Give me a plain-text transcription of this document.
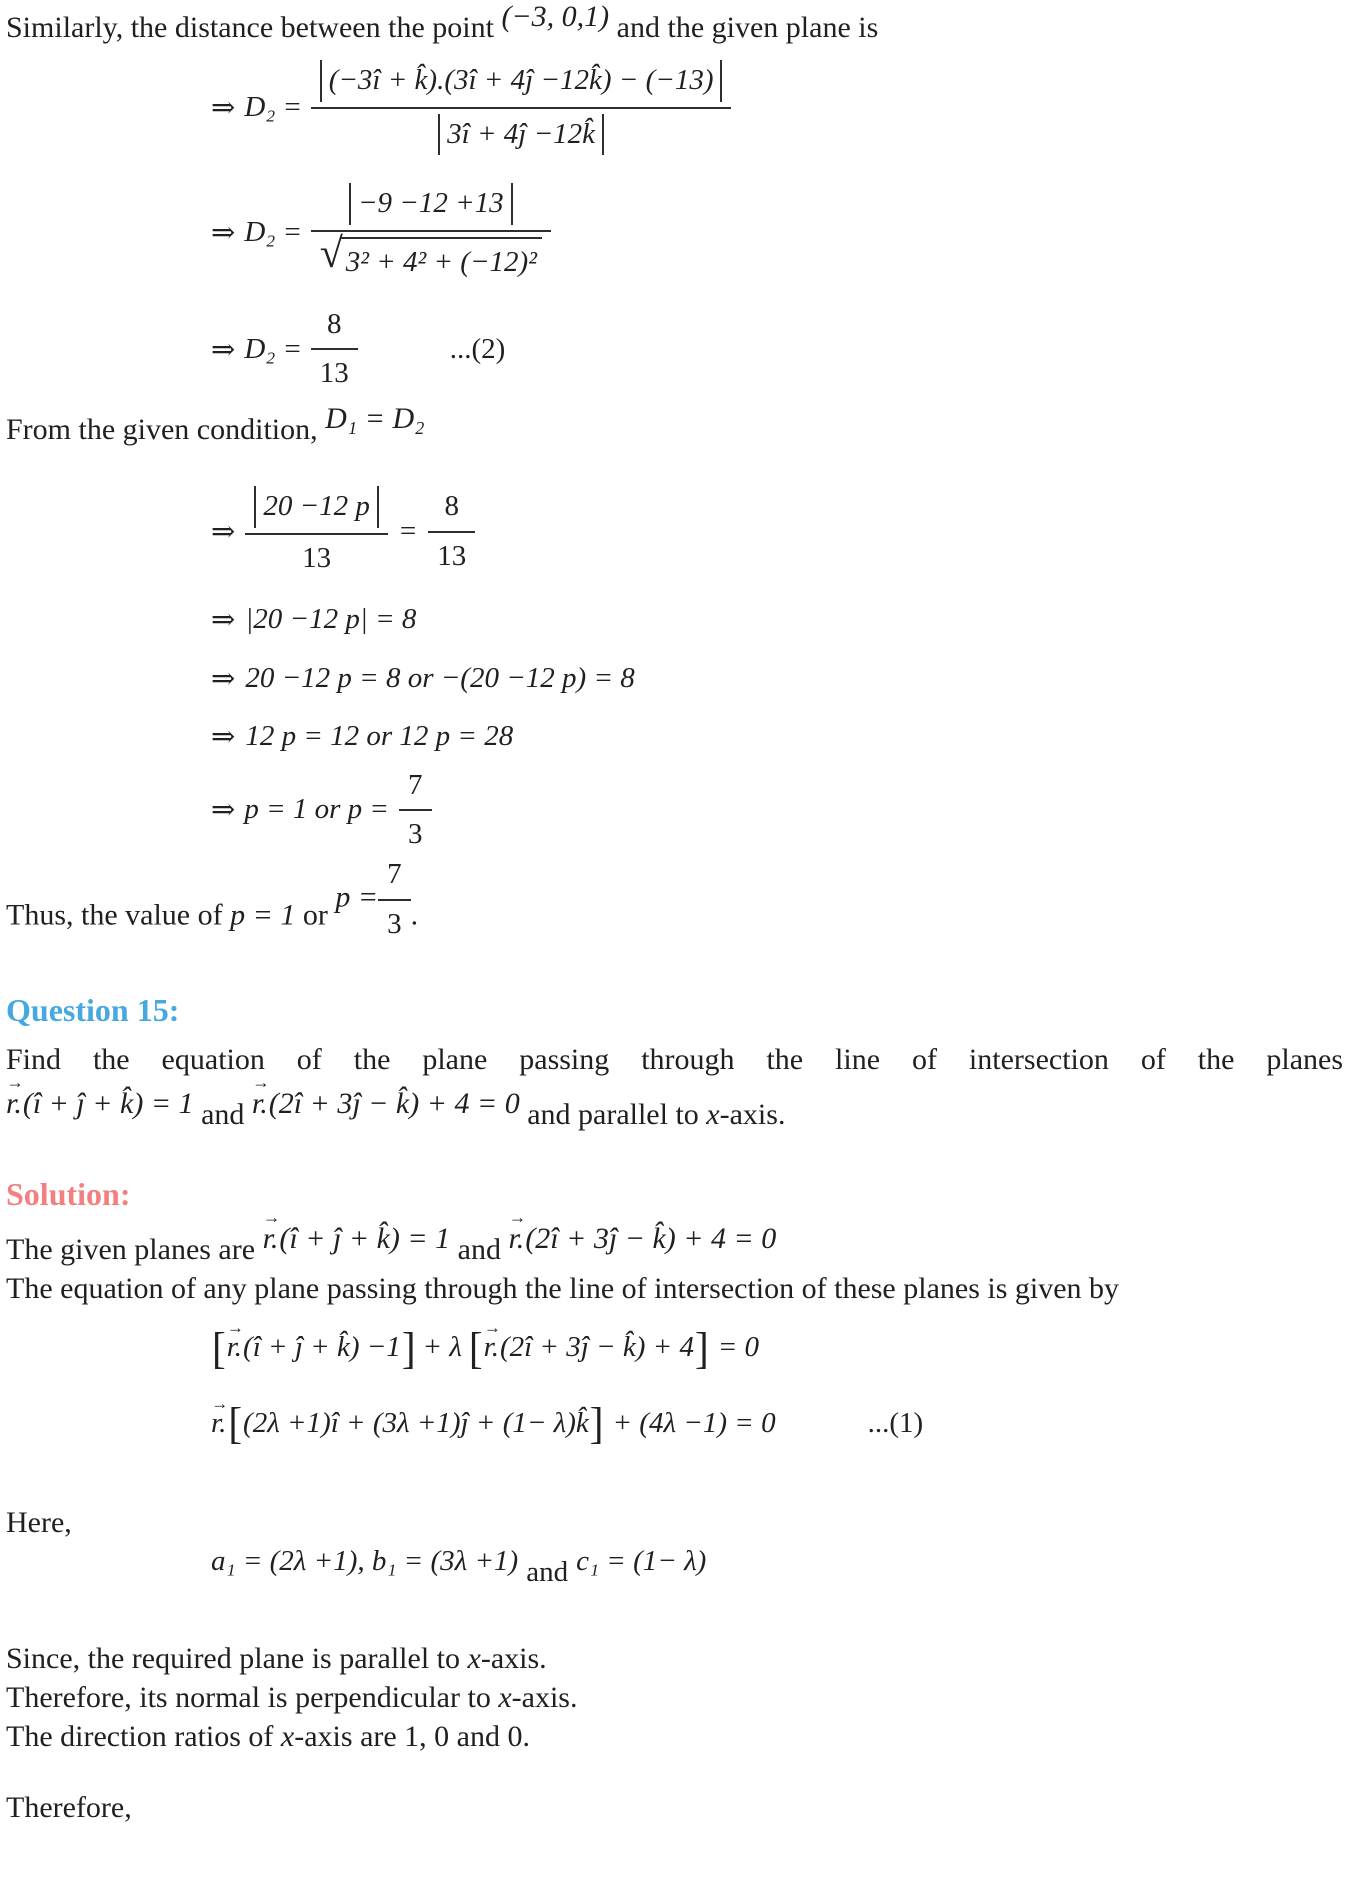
Similarly, the distance between the point (−3, 0,1) and the given plane is

⇒ $D_2 = \frac{(-3î + k̂).(3î + 4ĵ -12k̂) - (-13)}{3î + 4ĵ -12k̂}$
⇒ $D_2 = \frac{-9 -12 +13}{\text{√ 3² + 4² + (−12)²}}$
⇒ $D_2 = \frac{8}{13}$	...(2)

From the given condition, D₁ = D₂

⇒ $\frac{20 -12 p}{13} = \frac{8}{13}$
⇒ |20 −12 p| = 8
⇒ 20 −12 p = 8 or −(20 −12 p) = 8
⇒ 12 p = 12 or 12 p = 28
⇒ p = 1 or $p = \frac{7}{3}$

Thus, the value of p = 1 or $p = \frac{7}{3}$ .

Question 15:

Find the equation of the plane passing through the line of intersection of the planes

→ r.(î + ĵ + k̂) = 1 and → r.(2î + 3ĵ − k̂) + 4 = 0 and parallel to x-axis.

Solution:

The given planes are → r.(î + ĵ + k̂) = 1 and → r.(2î + 3ĵ − k̂) + 4 = 0

The equation of any plane passing through the line of intersection of these planes is given by

[ → r. (î + ĵ + k̂) −1 ] + λ [ → r. (2î + 3ĵ − k̂) + 4 ] = 0
→ r. [ (2λ +1)î + (3λ +1)ĵ + (1− λ)k̂ ] + (4λ −1) = 0	...(1)

Here,

a₁ = (2λ +1), b₁ = (3λ +1) and c₁ = (1− λ)

Since, the required plane is parallel to x-axis.

Therefore, its normal is perpendicular to x-axis.

The direction ratios of x-axis are 1, 0 and 0.

Therefore,
